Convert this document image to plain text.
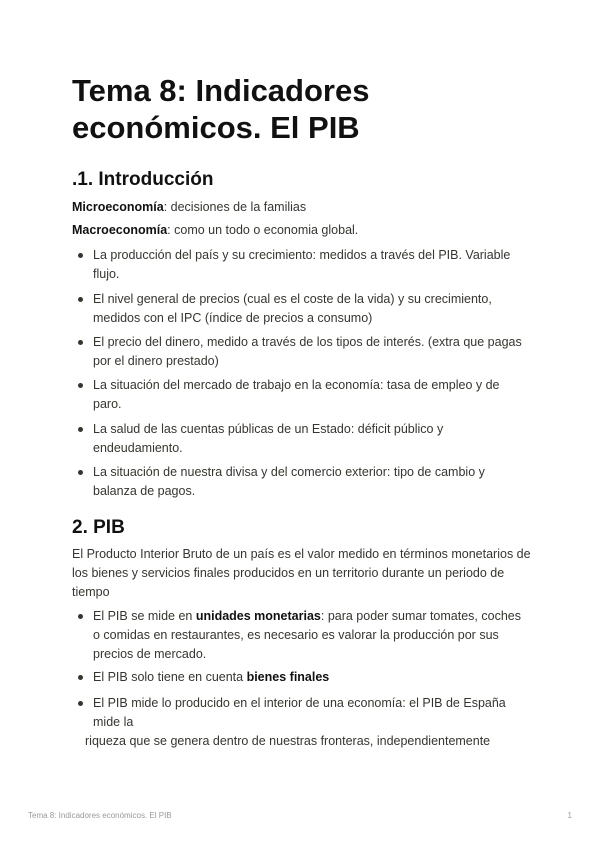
Tema 8: Indicadores económicos. El PIB
.1. Introducción

Microeconomía: decisiones de la familias

Macroeconomía: como un todo o economia global.

La producción del país y su crecimiento: medidos a través del PIB. Variable flujo.
El nivel general de precios (cual es el coste de la vida) y su crecimiento, medidos con el IPC (índice de precios a consumo)
El precio del dinero, medido a través de los tipos de interés. (extra que pagas por el dinero prestado)
La situación del mercado de trabajo en la economía: tasa de empleo y de paro.
La salud de las cuentas públicas de un Estado: déficit público y endeudamiento.
La situación de nuestra divisa y del comercio exterior: tipo de cambio y balanza de pagos.
2. PIB

El Producto Interior Bruto de un país es el valor medido en términos monetarios de los bienes y servicios finales producidos en un territorio durante un periodo de tiempo

El PIB se mide en unidades monetarias: para poder sumar tomates, coches o comidas en restaurantes, es necesario es valorar la producción por sus precios de mercado.
El PIB solo tiene en cuenta bienes finales
El PIB mide lo producido en el interior de una economía: el PIB de España mide la
riqueza que se genera dentro de nuestras fronteras, independientemente
Tema 8: Indicadores económicos. El PIB	1
